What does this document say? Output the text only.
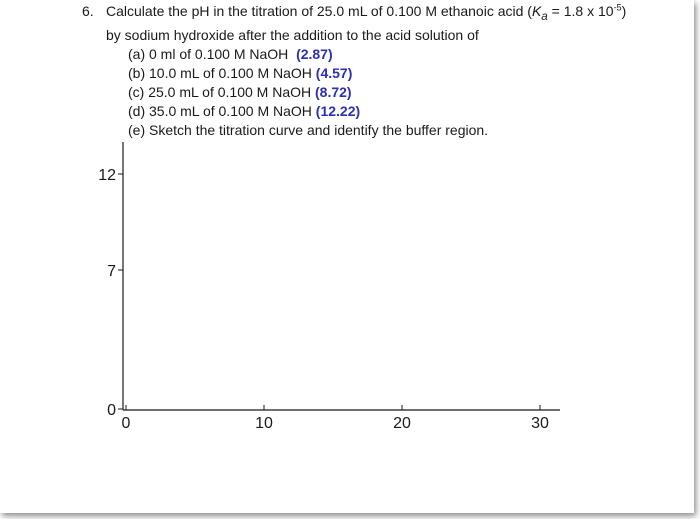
6. Calculate the pH in the titration of 25.0 mL of 0.100 M ethanoic acid ($K_a = 1.8$ x $10^{-5}$)
by sodium hydroxide after the addition to the acid solution of
(a) 0 ml of 0.100 M NaOH (2.87)
(b) 10.0 mL of 0.100 M NaOH (4.57)
(c) 25.0 mL of 0.100 M NaOH (8.72)
(d) 35.0 mL of 0.100 M NaOH (12.22)
(e) Sketch the titration curve and identify the buffer region.
0	10	20	30
0
7
12
